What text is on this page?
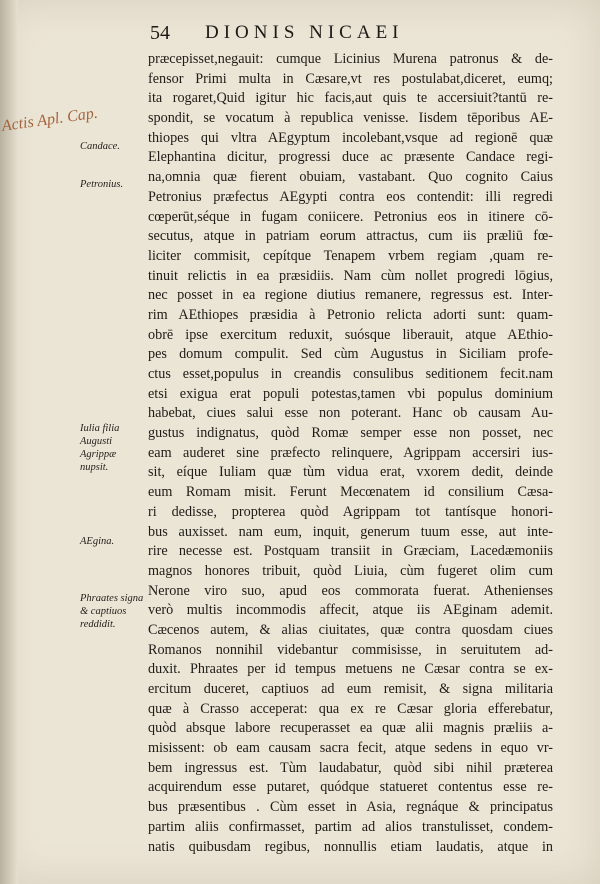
54 DIONIS NICAEI
Actis Apl. Cap.
Candace.
Petronius.
Iulia filia Augusti Agrippæ nupsit.
AEgina.
Phraates signa & captiuos reddidit.
præcepisset,negauit: cumque Licinius Murena patronus & de-
fensor Primi multa in Cæsare,vt res postulabat,diceret, eumq;
ita rogaret,Quid igitur hic facis,aut quis te accersiuit?tantū re-
spondit, se vocatum à republica venisse. Iisdem tēporibus AE-
thiopes qui vltra AEgyptum incolebant,vsque ad regionē quæ
Elephantina dicitur, progressi duce ac præsente Candace regi-
na,omnia quæ fierent obuiam, vastabant. Quo cognito Caius
Petronius præfectus AEgypti contra eos contendit: illi regredi
cœperūt,séque in fugam coniicere. Petronius eos in itinere cō-
secutus, atque in patriam eorum attractus, cum iis præliū fœ-
liciter commisit, cepítque Tenapem vrbem regiam ,quam re-
tinuit relictis in ea præsidiis. Nam cùm nollet progredi lōgius,
nec posset in ea regione diutius remanere, regressus est. Inter-
rim AEthiopes præsidia à Petronio relicta adorti sunt: quam-
obrē ipse exercitum reduxit, suósque liberauit, atque AEthio-
pes domum compulit. Sed cùm Augustus in Siciliam profe-
ctus esset,populus in creandis consulibus seditionem fecit.nam
etsi exigua erat populi potestas,tamen vbi populus dominium
habebat, ciues salui esse non poterant. Hanc ob causam Au-
gustus indignatus, quòd Romæ semper esse non posset, nec
eam auderet sine præfecto relinquere, Agrippam accersiri ius-
sit, eíque Iuliam quæ tùm vidua erat, vxorem dedit, deinde
eum Romam misit. Ferunt Mecœnatem id consilium Cæsa-
ri dedisse, propterea quòd Agrippam tot tantísque honori-
bus auxisset. nam eum, inquit, generum tuum esse, aut inte-
rire necesse est. Postquam transiit in Græciam, Lacedæmoniis
magnos honores tribuit, quòd Liuia, cùm fugeret olim cum
Nerone viro suo, apud eos commorata fuerat. Athenienses
verò multis incommodis affecit, atque iis AEginam ademit.
Cæcenos autem, & alias ciuitates, quæ contra quosdam ciues
Romanos nonnihil videbantur commisisse, in seruitutem ad-
duxit. Phraates per id tempus metuens ne Cæsar contra se ex-
ercitum duceret, captiuos ad eum remisit, & signa militaria
quæ à Crasso acceperat: qua ex re Cæsar gloria efferebatur,
quòd absque labore recuperasset ea quæ alii magnis præliis a-
misissent: ob eam causam sacra fecit, atque sedens in equo vr-
bem ingressus est. Tùm laudabatur, quòd sibi nihil præterea
acquirendum esse putaret, quódque statueret contentus esse re-
bus præsentibus . Cùm esset in Asia, regnáque & principatus
partim aliis confirmasset, partim ad alios transtulisset, condem-
natis quibusdam regibus, nonnullis etiam laudatis, atque in
